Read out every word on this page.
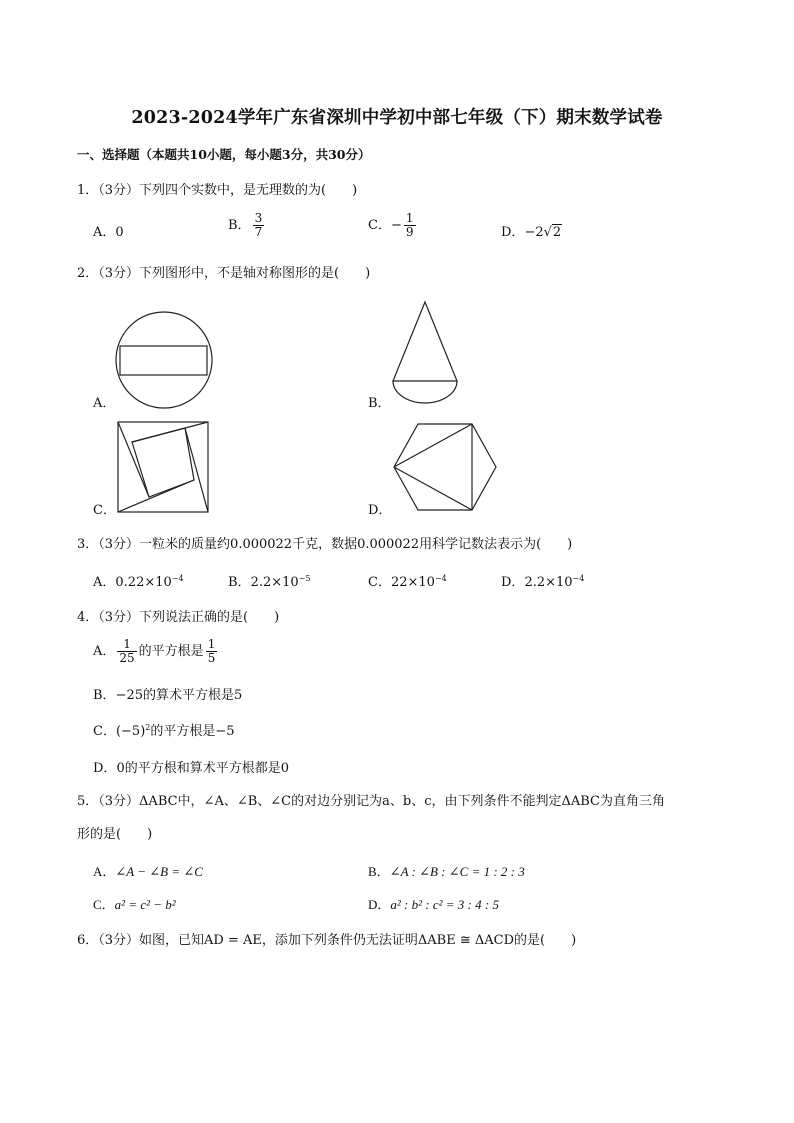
2023-2024学年广东省深圳中学初中部七年级（下）期末数学试卷
一、选择题（本题共10小题，每小题3分，共30分）
1．（3分）下列四个实数中，是无理数的为(　　)
A．0	B． $\frac{3}{7}$	C．− $\frac{1}{9}$	D．−2√2
2．（3分）下列图形中，不是轴对称图形的是(　　)
A．	B．
C．	D．
3．（3分）一粒米的质量约0.000022千克，数据0.000022用科学记数法表示为(　　)
A．$0.22\times 10^{-4}$	B．$2.2\times 10^{-5}$	C．$22\times 10^{-4}$	D．$2.2\times 10^{-4}$
4．（3分）下列说法正确的是(　　)
A． $\frac{1}{25}$ 的平方根是 $\frac{1}{5}$
B．−25的算术平方根是5
C．$(-5)^2$的平方根是−5
D．0的平方根和算术平方根都是0
5．（3分）ΔABC中，∠A、∠B、∠C的对边分别记为a、b、c，由下列条件不能判定ΔABC为直角三角
形的是(　　)
A．∠A − ∠B = ∠C	B．∠A : ∠B : ∠C = 1 : 2 : 3
C．a² = c² − b²	D．a² : b² : c² = 3 : 4 : 5
6．（3分）如图，已知AD = AE，添加下列条件仍无法证明ΔABE ≅ ΔACD的是(　　)
